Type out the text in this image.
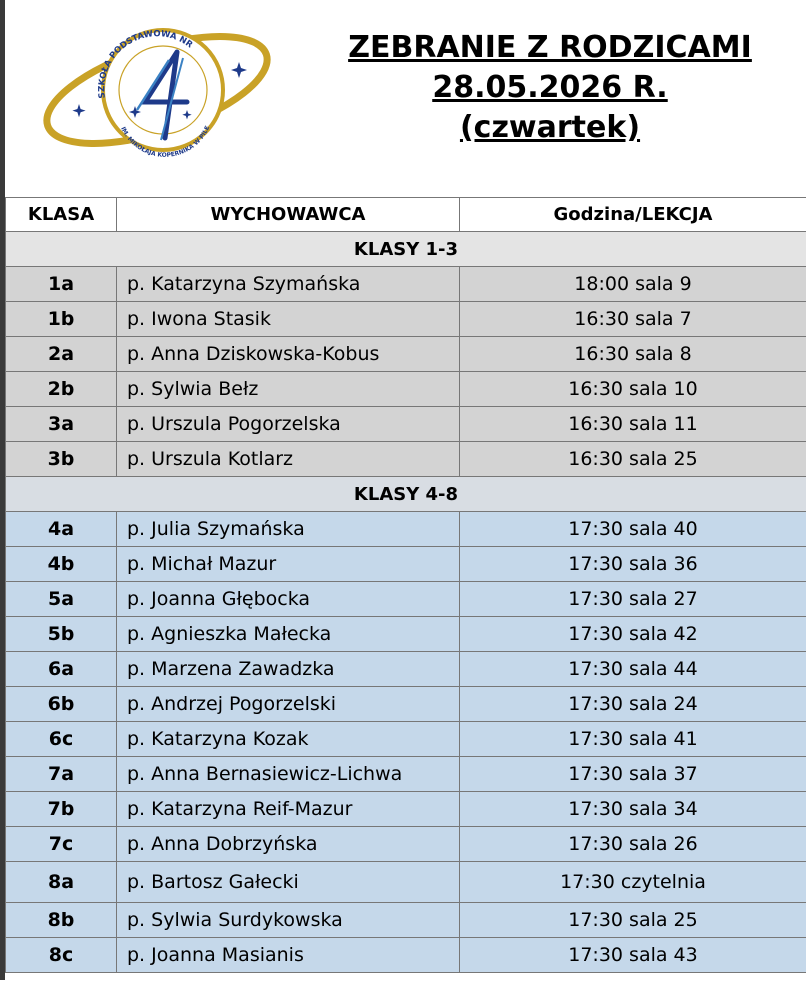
SZKOŁA PODSTAWOWA NR
IM. MIKOŁAJA KOPERNIKA W PILE
ZEBRANIE Z RODZICAMI
28.05.2026 R.
(czwartek)
KLASA	WYCHOWAWCA	Godzina/LEKCJA
KLASY 1-3		
1a	p. Katarzyna Szymańska	18:00 sala 9
1b	p. Iwona Stasik	16:30 sala 7
2a	p. Anna Dziskowska-Kobus	16:30 sala 8
2b	p. Sylwia Bełz	16:30 sala 10
3a	p. Urszula Pogorzelska	16:30 sala 11
3b	p. Urszula Kotlarz	16:30 sala 25
KLASY 4-8		
4a	p. Julia Szymańska	17:30 sala 40
4b	p. Michał Mazur	17:30 sala 36
5a	p. Joanna Głębocka	17:30 sala 27
5b	p. Agnieszka Małecka	17:30 sala 42
6a	p. Marzena Zawadzka	17:30 sala 44
6b	p. Andrzej Pogorzelski	17:30 sala 24
6c	p. Katarzyna Kozak	17:30 sala 41
7a	p. Anna Bernasiewicz-Lichwa	17:30 sala 37
7b	p. Katarzyna Reif-Mazur	17:30 sala 34
7c	p. Anna Dobrzyńska	17:30 sala 26
8a	p. Bartosz Gałecki	17:30 czytelnia
8b	p. Sylwia Surdykowska	17:30 sala 25
8c	p. Joanna Masianis	17:30 sala 43
